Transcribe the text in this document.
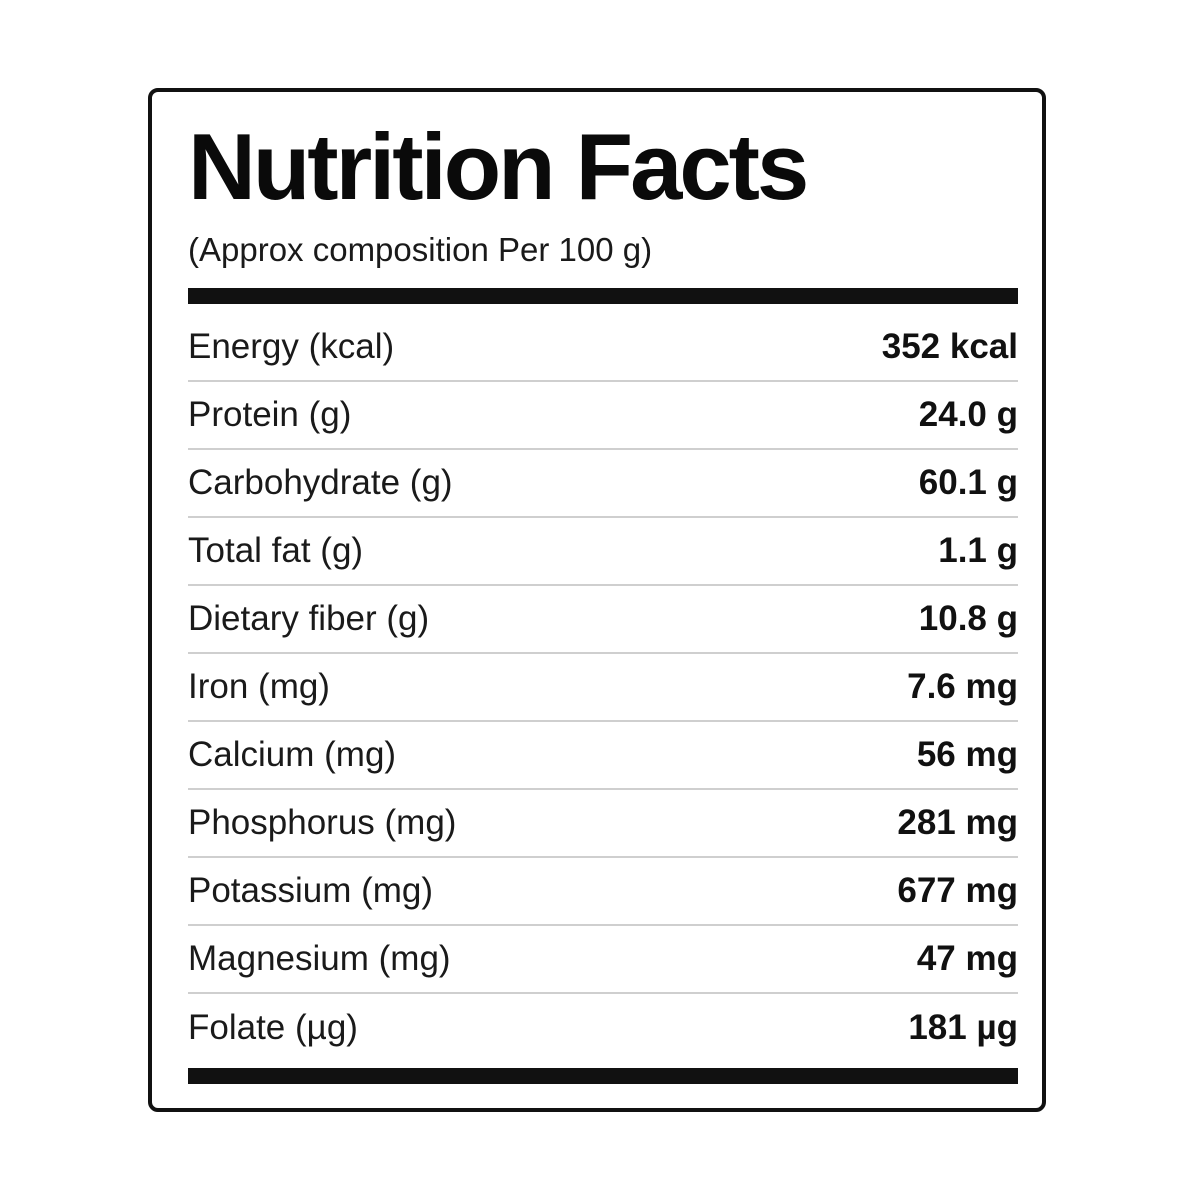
Nutrition Facts
(Approx composition Per 100 g)
Energy (kcal)	352 kcal
Protein (g)	24.0 g
Carbohydrate (g)	60.1 g
Total fat (g)	1.1 g
Dietary fiber (g)	10.8 g
Iron (mg)	7.6 mg
Calcium (mg)	56 mg
Phosphorus (mg)	281 mg
Potassium (mg)	677 mg
Magnesium (mg)	47 mg
Folate (µg)	181 µg
